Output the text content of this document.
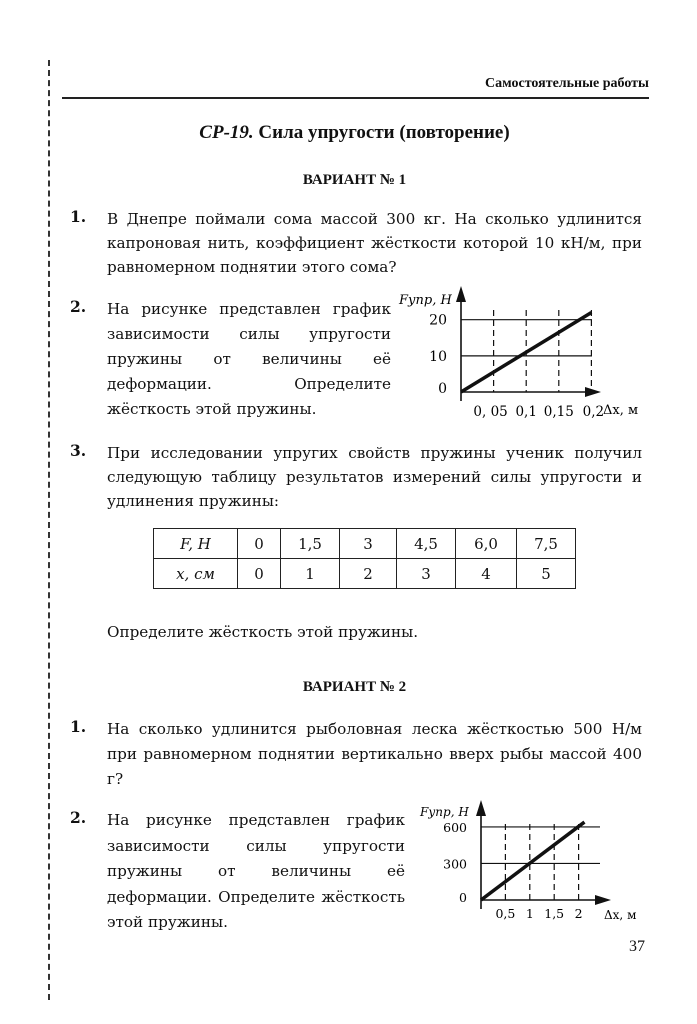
Самостоятельные работы
СР-19. Сила упругости (повторение)
ВАРИАНТ № 1
1. В Днепре поймали сома массой 300 кг. На сколько удлинится капроновая нить, коэффициент жёсткости которой 10 кН/м, при равномерном поднятии этого сома?
2. На рисунке представлен график зависимости силы упругости пружины от величины её деформации. Определите жёсткость этой пружины.
20
10
0
0, 05 0,1 0,15 0,2
Fупр, Н
Δx, м
3. При исследовании упругих свойств пружины ученик получил следующую таблицу результатов измерений силы упругости и удлинения пружины:
F, Н	0	1,5	3	4,5	6,0	7,5
x, см	0	1	2	3	4	5
Определите жёсткость этой пружины.
ВАРИАНТ № 2
1. На сколько удлинится рыболовная леска жёсткостью 500 Н/м при равномерном поднятии вертикально вверх рыбы массой 400 г?
2. На рисунке представлен график зависимости силы упругости пружины от величины её деформации. Определите жёсткость этой пружины.
600
300
0
0,5 1 1,5 2
Fупр, Н
Δx, м
37
